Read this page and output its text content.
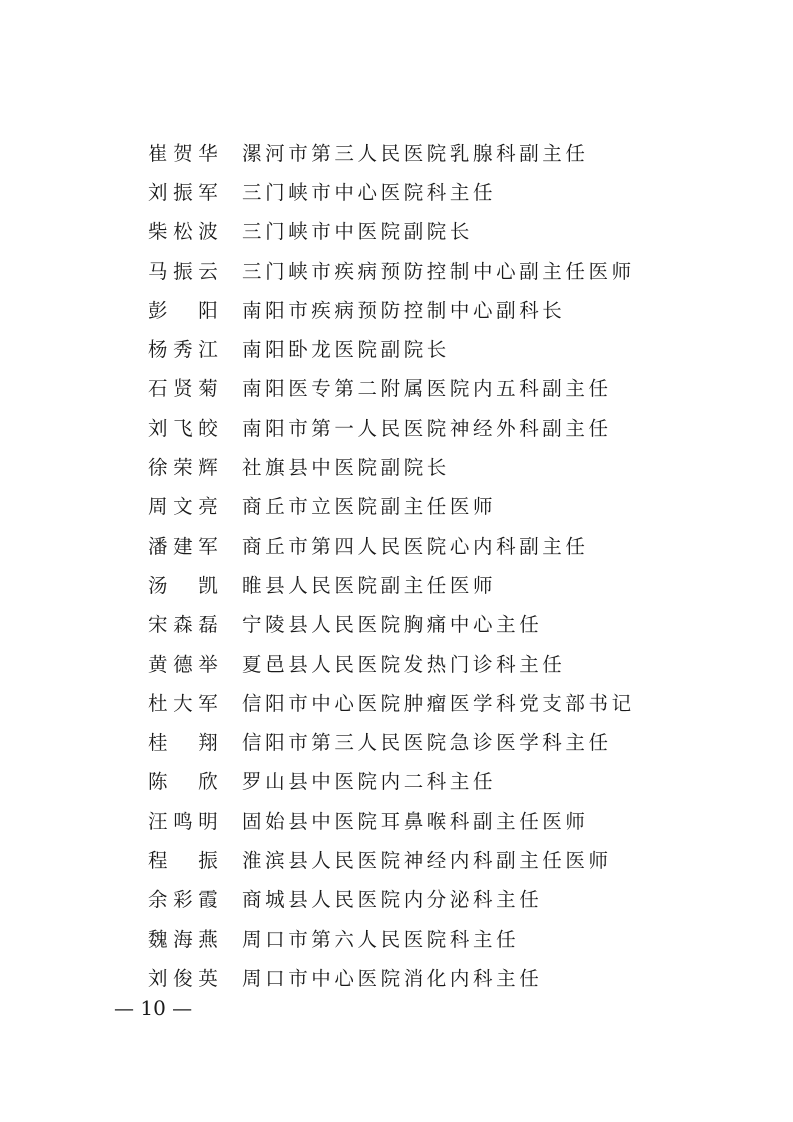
崔贺华 漯河市第三人民医院乳腺科副主任
刘振军 三门峡市中心医院科主任
柴松波 三门峡市中医院副院长
马振云 三门峡市疾病预防控制中心副主任医师
彭　阳 南阳市疾病预防控制中心副科长
杨秀江 南阳卧龙医院副院长
石贤菊 南阳医专第二附属医院内五科副主任
刘飞皎 南阳市第一人民医院神经外科副主任
徐荣辉 社旗县中医院副院长
周文亮 商丘市立医院副主任医师
潘建军 商丘市第四人民医院心内科副主任
汤　凯 睢县人民医院副主任医师
宋森磊 宁陵县人民医院胸痛中心主任
黄德举 夏邑县人民医院发热门诊科主任
杜大军 信阳市中心医院肿瘤医学科党支部书记
桂　翔 信阳市第三人民医院急诊医学科主任
陈　欣 罗山县中医院内二科主任
汪鸣明 固始县中医院耳鼻喉科副主任医师
程　振 淮滨县人民医院神经内科副主任医师
余彩霞 商城县人民医院内分泌科主任
魏海燕 周口市第六人民医院科主任
刘俊英 周口市中心医院消化内科主任
— 10 —
